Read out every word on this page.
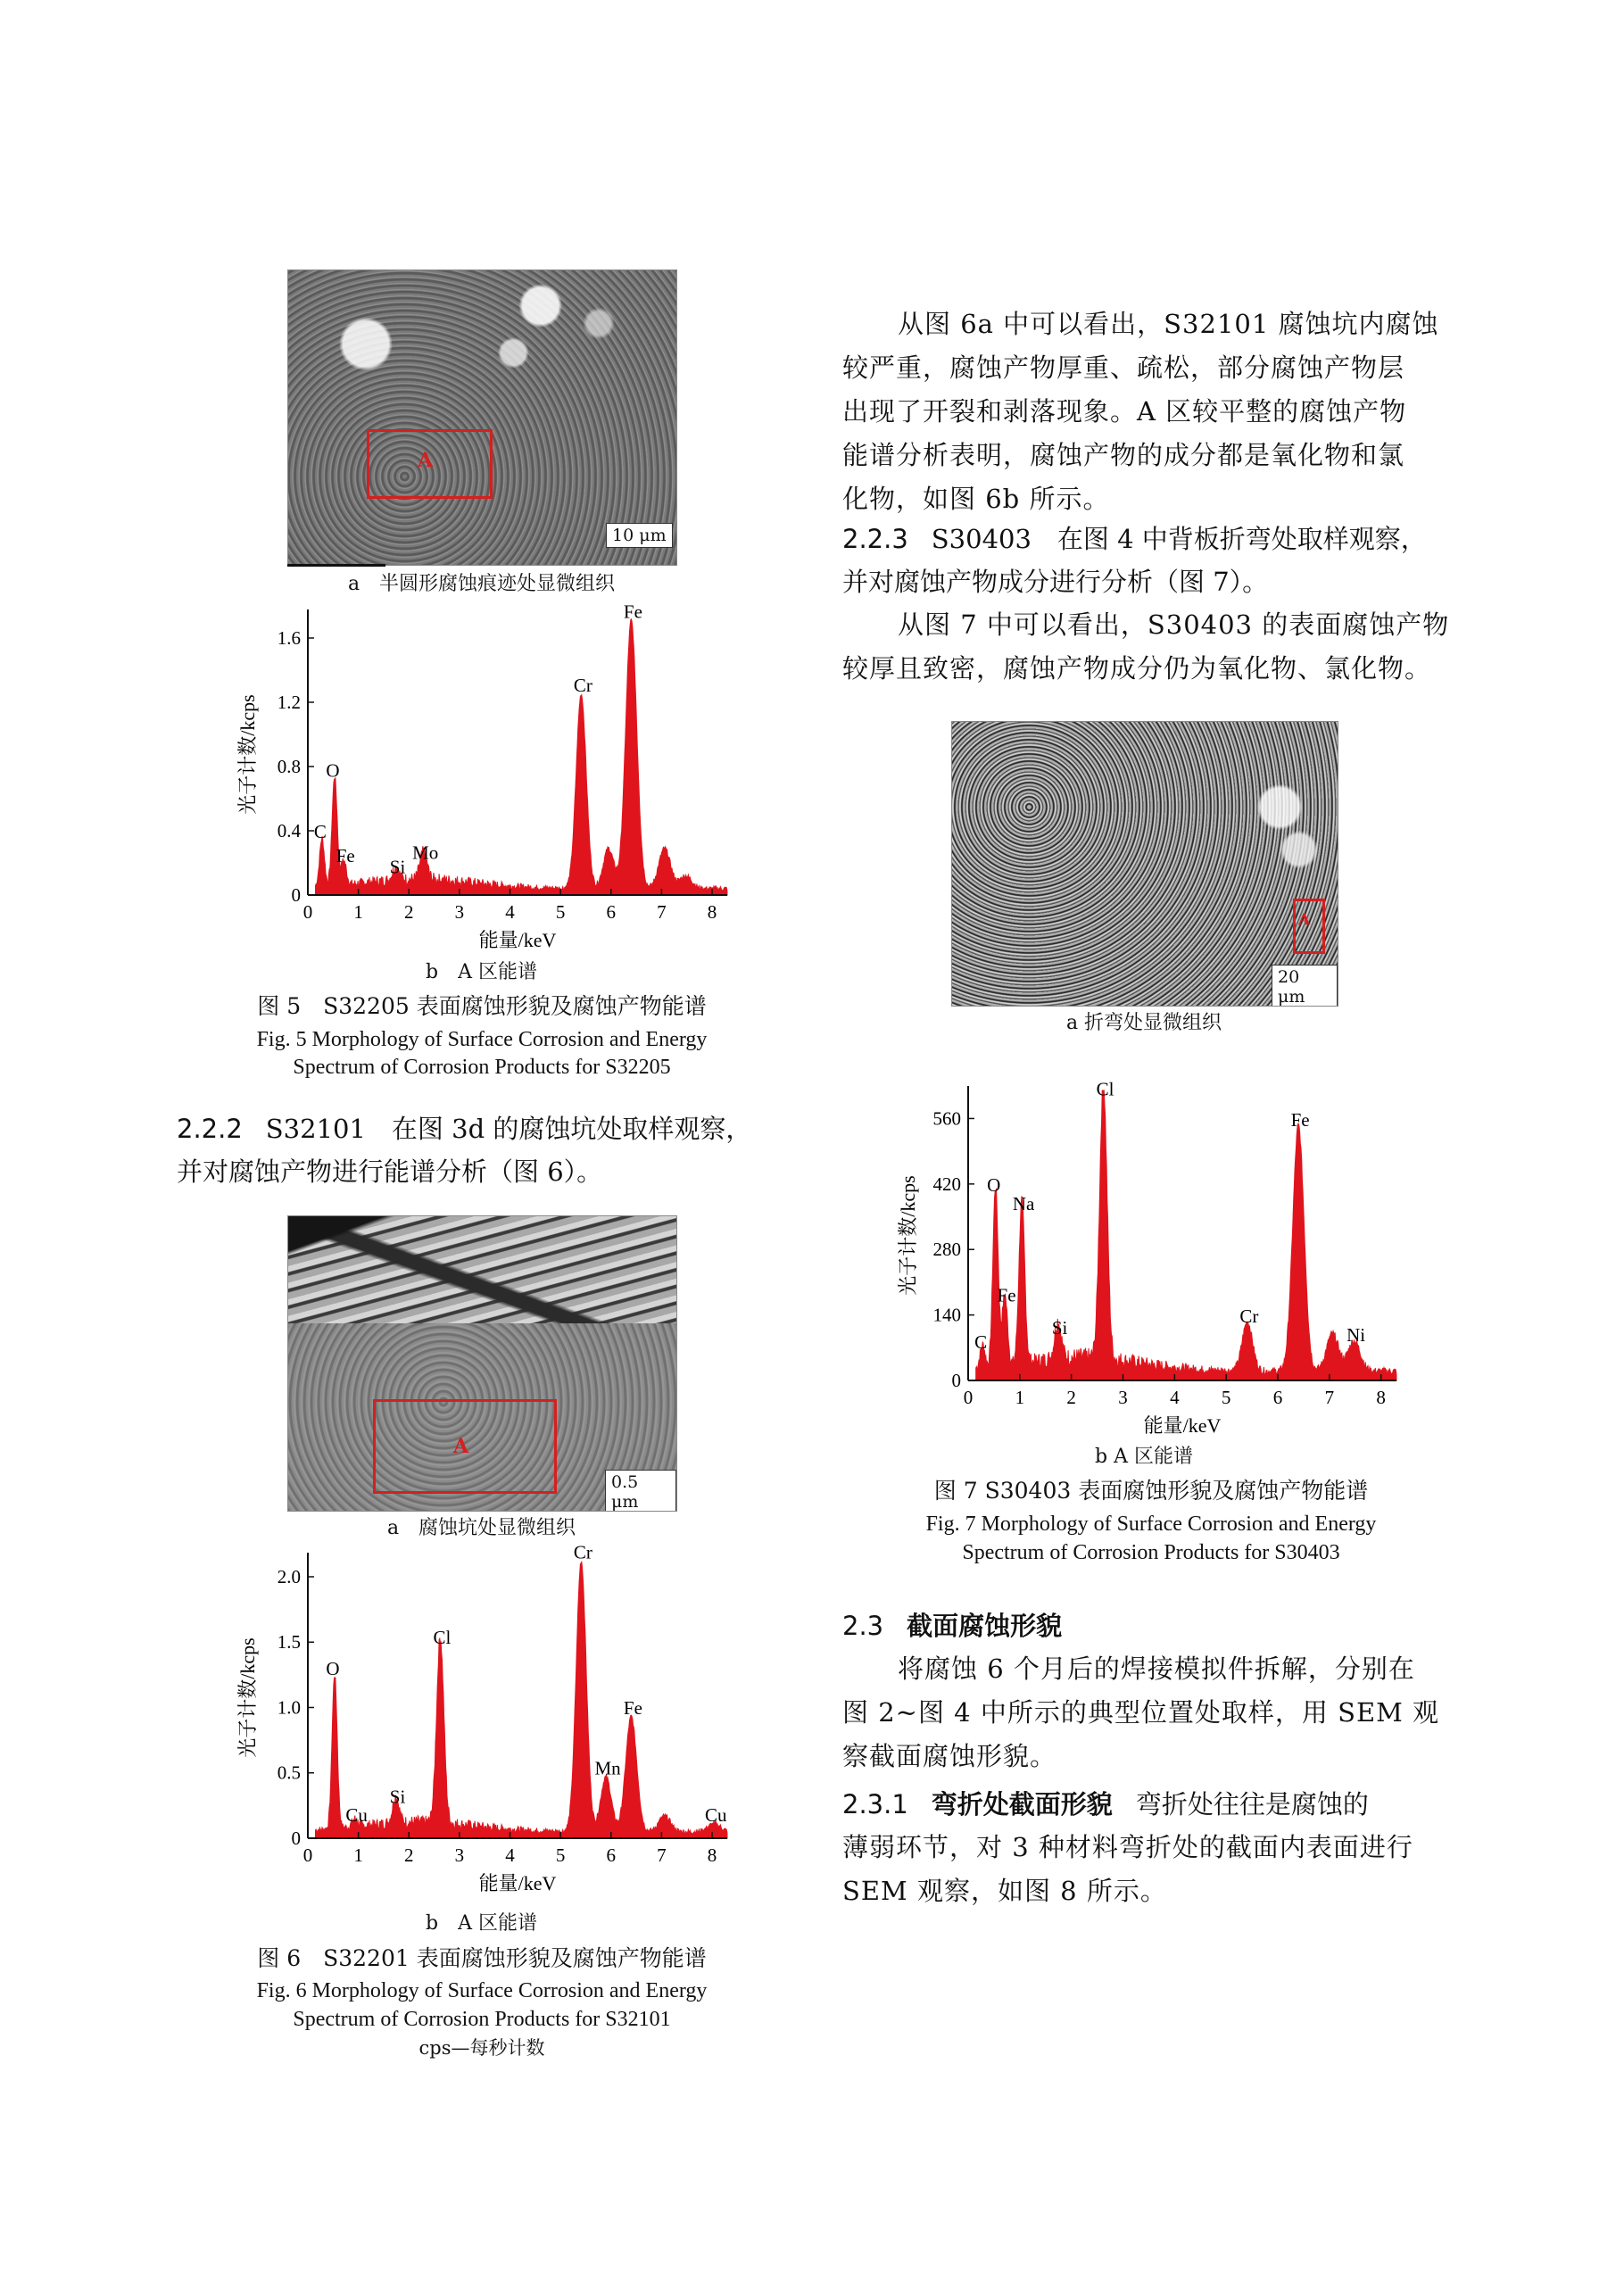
A
10 μm
a　半圆形腐蚀痕迹处显微组织
0 1 2 3 4 5 6 7 8
0
0.4
0.8
1.2
1.6
C
O
Fe
Si
Mo
Cr
Fe
能量/keV
光子计数/kcps
b　A 区能谱
图 5　S32205 表面腐蚀形貌及腐蚀产物能谱
Fig. 5 Morphology of Surface Corrosion and Energy
Spectrum of Corrosion Products for S32205
2.2.2 S32101　在图 3d 的腐蚀坑处取样观察，
并对腐蚀产物进行能谱分析（图 6）。
A
0.5 μm
a　腐蚀坑处显微组织
0 1 2 3 4 5 6 7 8
0
0.5
1.0
1.5
2.0
O
Cu
Si
Cl
Cr
Mn
Fe
Cu
能量/keV
光子计数/kcps
b　A 区能谱
图 6　S32201 表面腐蚀形貌及腐蚀产物能谱
Fig. 6 Morphology of Surface Corrosion and Energy
Spectrum of Corrosion Products for S32101
cps—每秒计数
从图 6a 中可以看出，S32101 腐蚀坑内腐蚀
较严重，腐蚀产物厚重、疏松，部分腐蚀产物层
出现了开裂和剥落现象。A 区较平整的腐蚀产物
能谱分析表明，腐蚀产物的成分都是氧化物和氯
化物，如图 6b 所示。
2.2.3 S30403　在图 4 中背板折弯处取样观察，
并对腐蚀产物成分进行分析（图 7）。
从图 7 中可以看出，S30403 的表面腐蚀产物
较厚且致密，腐蚀产物成分仍为氧化物、氯化物。
A
20 μm
a 折弯处显微组织
0 1 2 3 4 5 6 7 8
0
140
280
420
560
C
O
Fe
Na
Si
Cl
Cr
Fe
Ni
能量/keV
光子计数/kcps
b A 区能谱
图 7 S30403 表面腐蚀形貌及腐蚀产物能谱
Fig. 7 Morphology of Surface Corrosion and Energy
Spectrum of Corrosion Products for S30403
2.3 截面腐蚀形貌
将腐蚀 6 个月后的焊接模拟件拆解，分别在
图 2~图 4 中所示的典型位置处取样，用 SEM 观
察截面腐蚀形貌。
2.3.1 弯折处截面形貌 弯折处往往是腐蚀的
薄弱环节，对 3 种材料弯折处的截面内表面进行
SEM 观察，如图 8 所示。
